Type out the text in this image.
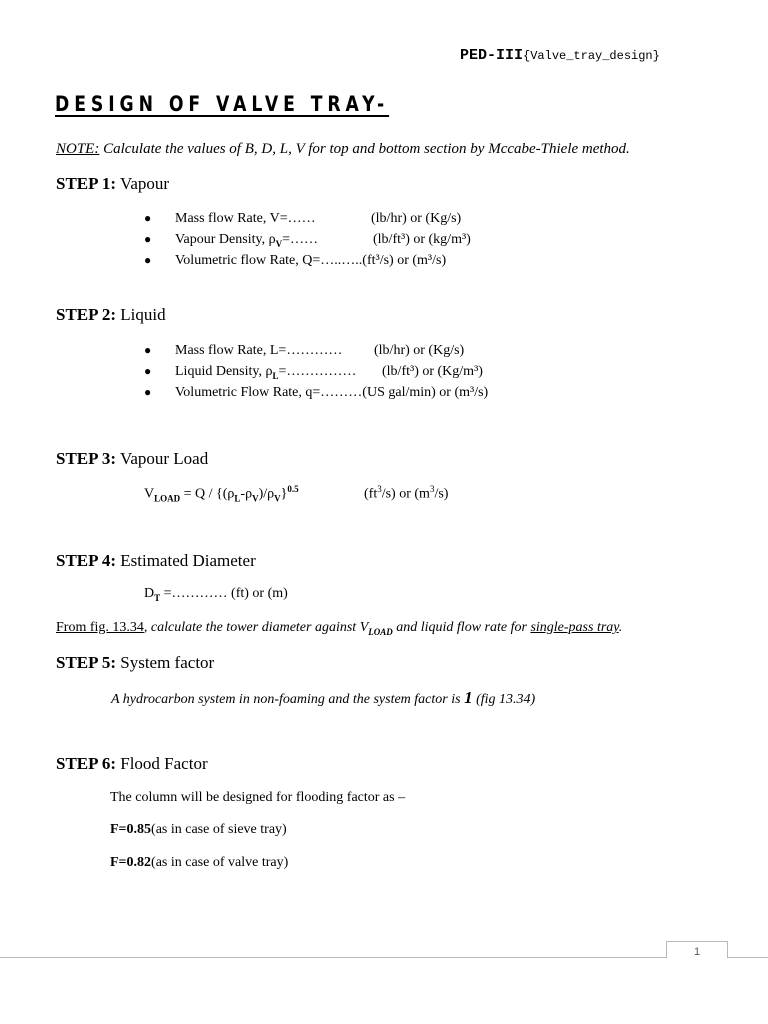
PED-III{Valve_tray_design}
DESIGN OF VALVE TRAY-
NOTE: Calculate the values of B, D, L, V for top and bottom section by Mccabe-Thiele method.
STEP 1: Vapour
● Mass flow Rate, V=……	(lb/hr) or (Kg/s)
● Vapour Density, $\rho_V=\dots\dots$	(lb/ft³) or (kg/m³)
● Volumetric flow Rate, Q=…..…..(ft³/s) or (m³/s)
STEP 2: Liquid
● Mass flow Rate, L=………… (lb/hr) or (Kg/s)
● Liquid Density, $\rho_L=\dots\dots\dots\dots\dots$ (lb/ft³) or (Kg/m³)
● Volumetric Flow Rate, q=………(US gal/min) or (m³/s)
STEP 3: Vapour Load
$V_{LOAD} = Q / \{(\rho_L-\rho_V)/\rho_V\}^{0.5}$	$(ft^3/s)$ or $(m^3/s)$
STEP 4: Estimated Diameter
$D_T$ =………… (ft) or (m)
From fig. 13.34, calculate the tower diameter against $V_{LOAD}$ and liquid flow rate for single-pass tray.
STEP 5: System factor
A hydrocarbon system in non-foaming and the system factor is 1 (fig 13.34)
STEP 6: Flood Factor
The column will be designed for flooding factor as –
F=0.85(as in case of sieve tray)
F=0.82(as in case of valve tray)
1
